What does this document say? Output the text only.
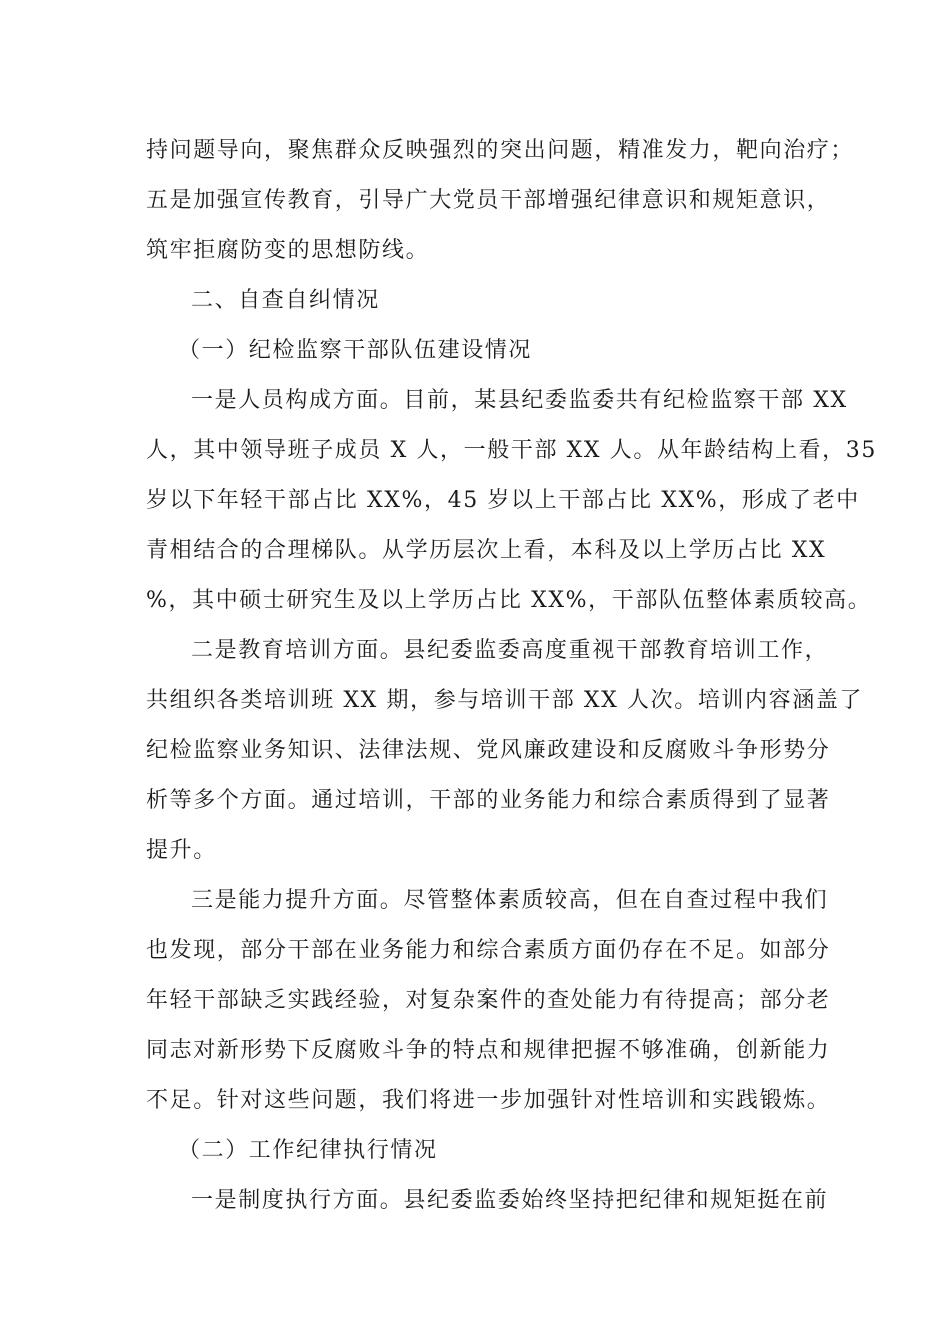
持问题导向，聚焦群众反映强烈的突出问题，精准发力，靶向治疗；
五是加强宣传教育，引导广大党员干部增强纪律意识和规矩意识，
筑牢拒腐防变的思想防线。
二、自查自纠情况
（一）纪检监察干部队伍建设情况
一是人员构成方面。目前，某县纪委监委共有纪检监察干部 XX
人，其中领导班子成员 X 人，一般干部 XX 人。从年龄结构上看，35
岁以下年轻干部占比 XX%，45 岁以上干部占比 XX%，形成了老中
青相结合的合理梯队。从学历层次上看，本科及以上学历占比 XX
%，其中硕士研究生及以上学历占比 XX%，干部队伍整体素质较高。
二是教育培训方面。县纪委监委高度重视干部教育培训工作，
共组织各类培训班 XX 期，参与培训干部 XX 人次。培训内容涵盖了
纪检监察业务知识、法律法规、党风廉政建设和反腐败斗争形势分
析等多个方面。通过培训，干部的业务能力和综合素质得到了显著
提升。
三是能力提升方面。尽管整体素质较高，但在自查过程中我们
也发现，部分干部在业务能力和综合素质方面仍存在不足。如部分
年轻干部缺乏实践经验，对复杂案件的查处能力有待提高；部分老
同志对新形势下反腐败斗争的特点和规律把握不够准确，创新能力
不足。针对这些问题，我们将进一步加强针对性培训和实践锻炼。
（二）工作纪律执行情况
一是制度执行方面。县纪委监委始终坚持把纪律和规矩挺在前
